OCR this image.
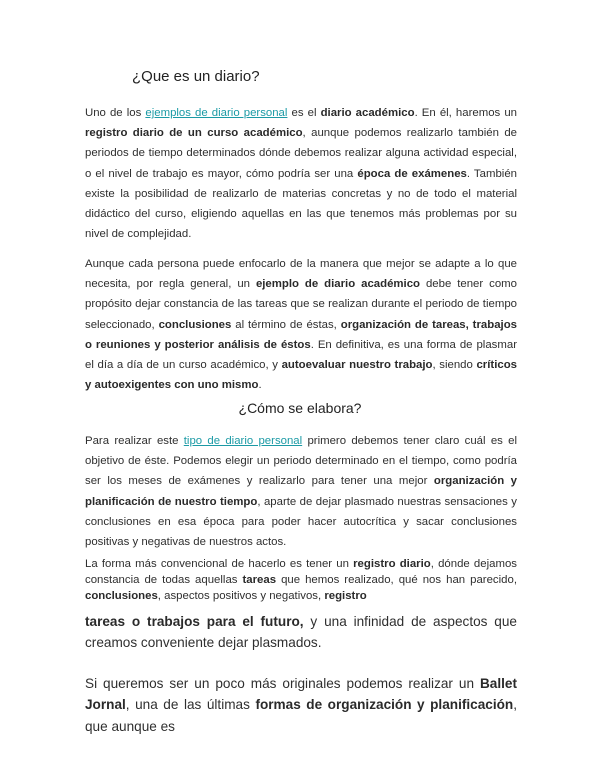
¿Que es un diario?

Uno de los ejemplos de diario personal es el diario académico. En él, haremos un registro diario de un curso académico, aunque podemos realizarlo también de periodos de tiempo determinados dónde debemos realizar alguna actividad especial, o el nivel de trabajo es mayor, cómo podría ser una época de exámenes. También existe la posibilidad de realizarlo de materias concretas y no de todo el material didáctico del curso, eligiendo aquellas en las que tenemos más problemas por su nivel de complejidad.

Aunque cada persona puede enfocarlo de la manera que mejor se adapte a lo que necesita, por regla general, un ejemplo de diario académico debe tener como propósito dejar constancia de las tareas que se realizan durante el periodo de tiempo seleccionado, conclusiones al término de éstas, organización de tareas, trabajos o reuniones y posterior análisis de éstos. En definitiva, es una forma de plasmar el día a día de un curso académico, y autoevaluar nuestro trabajo, siendo críticos y autoexigentes con uno mismo.

¿Cómo se elabora?

Para realizar este tipo de diario personal primero debemos tener claro cuál es el objetivo de éste. Podemos elegir un periodo determinado en el tiempo, como podría ser los meses de exámenes y realizarlo para tener una mejor organización y planificación de nuestro tiempo, aparte de dejar plasmado nuestras sensaciones y conclusiones en esa época para poder hacer autocrítica y sacar conclusiones positivas y negativas de nuestros actos.

La forma más convencional de hacerlo es tener un registro diario, dónde dejamos constancia de todas aquellas tareas que hemos realizado, qué nos han parecido, conclusiones, aspectos positivos y negativos, registro

tareas o trabajos para el futuro, y una infinidad de aspectos que creamos conveniente dejar plasmados.

Si queremos ser un poco más originales podemos realizar un Ballet Jornal, una de las últimas formas de organización y planificación, que aunque es
